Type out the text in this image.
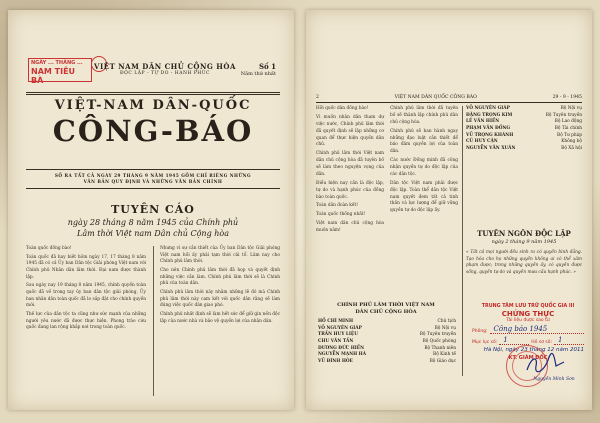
NGÀY ... THÁNG ...
NAM TIÊU BÀ
VIỆT NAM DÂN CHỦ CỘNG HÒA
ĐỘC LẬP - TỰ DO - HẠNH PHÚC
Số 1
Năm thứ nhất
VIỆT-NAM DÂN-QUỐC
CÔNG-BÁO
SỐ RA TẤT CẢ NGÀY 29 THÁNG 9 NĂM 1945 GỒM CHỈ RIÊNG NHỮNG
VĂN BẢN QUY ĐỊNH VÀ NHỮNG VĂN BẢN CHÍNH
TUYÊN CÁO
ngày 28 tháng 8 năm 1945 của Chính phủ
Lâm thời Việt nam Dân chủ Cộng hòa

Toàn quốc đồng bào!

Toàn quốc đã hay biết hôm ngày 17, 17 tháng 8 năm 1945 đã có cả Ủy ban Dân tộc Giải phóng Việt nam với Chính phủ Nhân dân lâm thời. Đại nam được thành lập.

Sau ngày nay 19 tháng 8 năm 1945, chính quyền toàn quốc đã về trong tay ủy ban dân tộc giải phóng, Ủy ban nhân dân toàn quốc đã lo sắp đặt cho chính quyền mới.

Thế lực của dân tộc ta cũng như sức mạnh của những người yêu nước đã được thực hiện. Phong trào cứu quốc đang lan rộng khắp nơi trong toàn quốc.

Nhưng vì sự cần thiết của Ủy ban Dân tộc Giải phóng Việt nam hồi ấy phải tạm thời cải tổ. Lâm nay cho Chính phủ lâm thời.

Cho nên Chính phủ lâm thời đã họp và quyết định những việc cần làm. Chính phủ lâm thời sẽ là Chính phủ của toàn dân.

Chính phủ lâm thời này nhằm những lẽ đó mà Chính phủ lâm thời này cam kết với quốc dân rằng sẽ làm đúng việc quốc dân giao phó.

Chính phủ nhất định sẽ làm hết sức để giữ gìn nền độc lập của nước nhà và bảo vệ quyền lợi của nhân dân.

2	VIỆT NAM DÂN QUỐC CÔNG BÁO	29 - 9 - 1945

Hỡi quốc dân đồng bào!

Vì muốn nhân dân tham dự việc nước, Chính phủ lâm thời đã quyết định sẽ lập những cơ quan để thực hiện quyền dân chủ.

Chính phủ lâm thời Việt nam dân chủ cộng hòa đã tuyên bố sẽ làm theo nguyện vọng của dân.

Điều hiện nay cần là độc lập, tự do và hạnh phúc của đồng bào toàn quốc.

Toàn dân đoàn kết!

Toàn quốc thống nhất!

Việt nam dân chủ cộng hòa muôn năm!

Chính phủ lâm thời đã tuyên bố sẽ thành lập chính phủ dân chủ cộng hòa.

Chính phủ sẽ ban hành ngay những đạo luật cần thiết để bảo đảm quyền lợi của toàn dân.

Các nước Đồng minh đã công nhận quyền tự do độc lập của các dân tộc.

Dân tộc Việt nam phải được độc lập. Toàn thể dân tộc Việt nam quyết đem tất cả tinh thần và lực lượng để giữ vững quyền tự do độc lập ấy.

VÕ NGUYÊN GIÁP	Bộ Nội vụ
ĐẶNG TRỌNG KIM	Bộ Tuyên truyền
LÊ VĂN HIẾN	Bộ Lao động
PHẠM VĂN ĐỒNG	Bộ Tài chính
VŨ TRỌNG KHÁNH	Bộ Tư pháp
CÙ HUY CẬN	Không bộ
NGUYỄN VĂN XUÂN	Bộ Xã hội
TUYÊN NGÔN ĐỘC LẬP
ngày 2 tháng 9 năm 1945
« Tất cả mọi người đều sinh ra có quyền bình đẳng. Tạo hóa cho họ những quyền không ai có thể xâm phạm được; trong những quyền ấy, có quyền được sống, quyền tự do và quyền mưu cầu hạnh phúc. »
CHÍNH PHỦ LÂM THỜI VIỆT NAM
DÂN CHỦ CỘNG HÒA
HỒ CHÍ MINH	Chủ tịch
VÕ NGUYÊN GIÁP	Bộ Nội vụ
TRẦN HUY LIỆU	Bộ Tuyên truyền
CHU VĂN TẤN	Bộ Quốc phòng
DƯƠNG ĐỨC HIỀN	Bộ Thanh niên
NGUYỄN MẠNH HÀ	Bộ Kinh tế
VŨ ĐÌNH HÒE	Bộ Giáo dục
TRUNG TÂM LƯU TRỮ QUỐC GIA III
CHỨNG THỰC
Tài liệu được sao từ
Phông: Công báo 1945
Mục lục số: 1	Hồ sơ số: 1
Hà Nội, ngày 23 tháng 12 năm 2011
KT. GIÁM ĐỐC
Nguyễn Minh Sơn
